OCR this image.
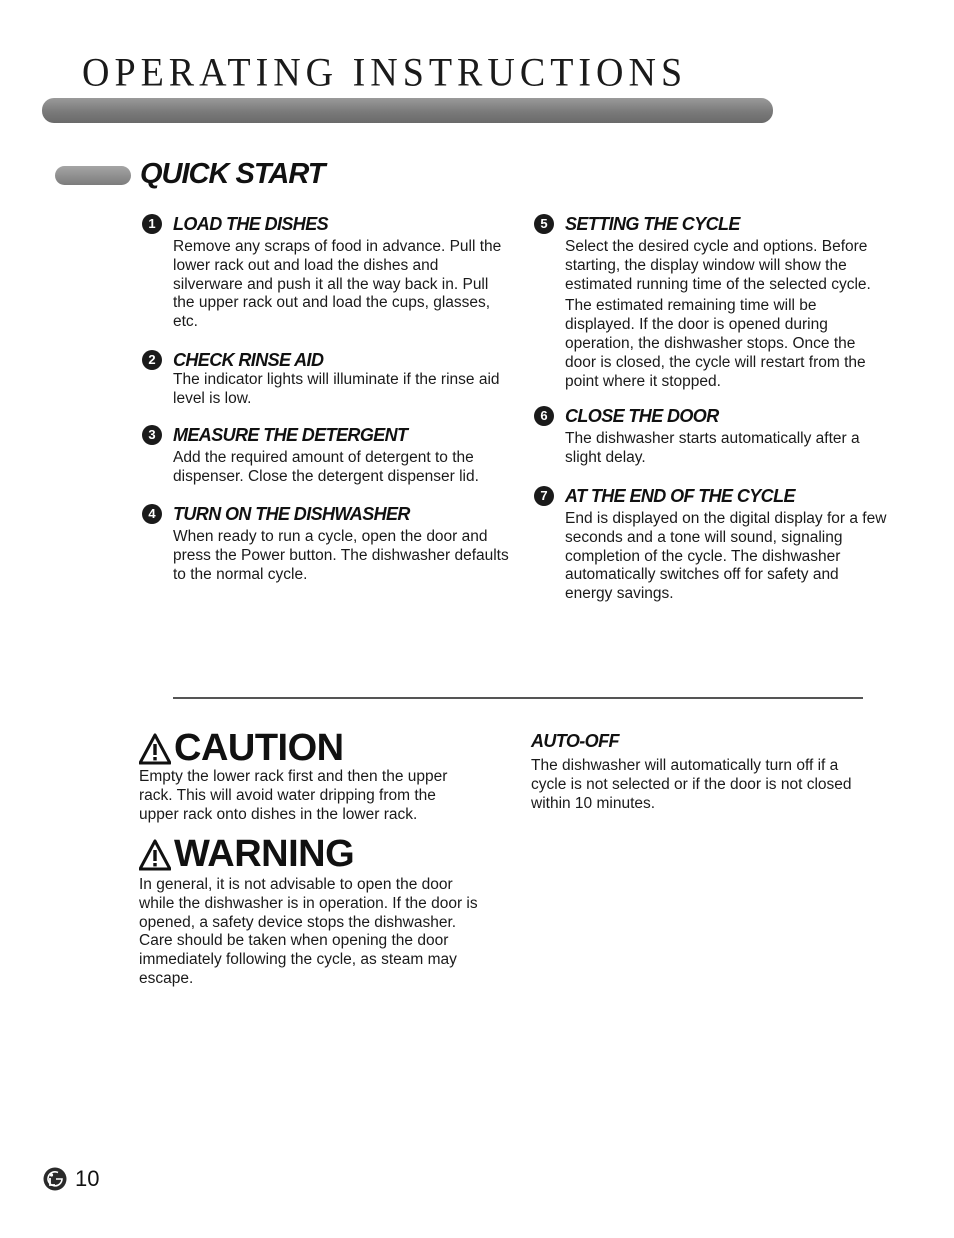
OPERATING INSTRUCTIONS
QUICK START
1 LOAD THE DISHES

Remove any scraps of food in advance. Pull the lower rack out and load the dishes and silverware and push it all the way back in. Pull the upper rack out and load the cups, glasses, etc.

2 CHECK RINSE AID

The indicator lights will illuminate if the rinse aid level is low.

3 MEASURE THE DETERGENT

Add the required amount of detergent to the dispenser. Close the detergent dispenser lid.

4 TURN ON THE DISHWASHER

When ready to run a cycle, open the door and press the Power button. The dishwasher defaults to the normal cycle.

5 SETTING THE CYCLE

Select the desired cycle and options. Before starting, the display window will show the estimated running time of the selected cycle.

The estimated remaining time will be displayed. If the door is opened during operation, the dishwasher stops. Once the door is closed, the cycle will restart from the point where it stopped.

6 CLOSE THE DOOR

The dishwasher starts automatically after a slight delay.

7 AT THE END OF THE CYCLE

End is displayed on the digital display for a few seconds and a tone will sound, signaling completion of the cycle. The dishwasher automatically switches off for safety and energy savings.

CAUTION

Empty the lower rack first and then the upper rack. This will avoid water dripping from the upper rack onto dishes in the lower rack.

WARNING

In general, it is not advisable to open the door while the dishwasher is in operation. If the door is opened, a safety device stops the dishwasher. Care should be taken when opening the door immediately following the cycle, as steam may escape.

AUTO-OFF

The dishwasher will automatically turn off if a cycle is not selected or if the door is not closed within 10 minutes.

10
